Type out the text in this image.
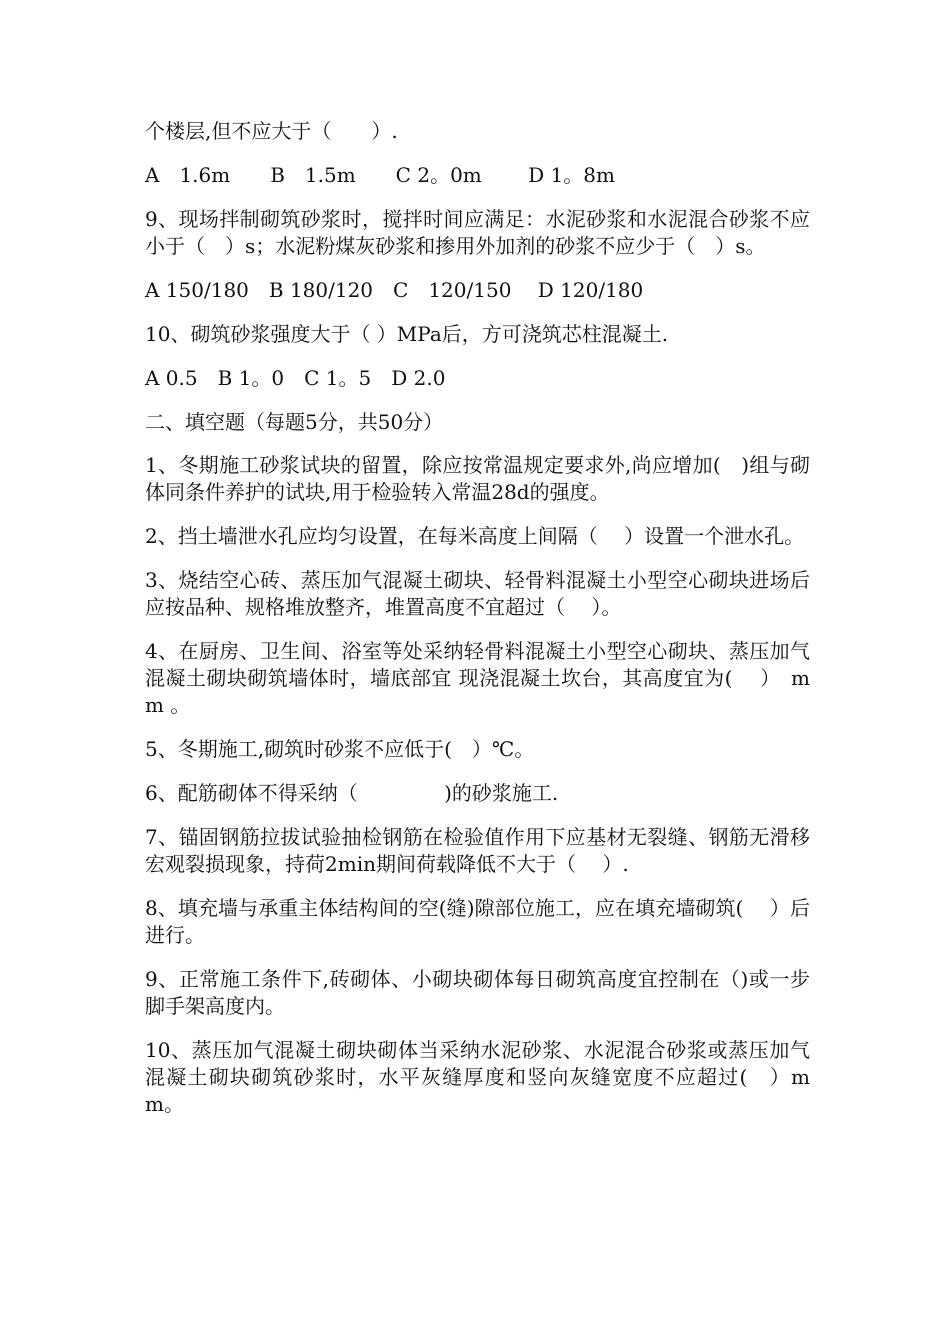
个楼层,但不应大于（　　）.

A　1.6m　　B　1.5m　　C 2。0m　　 D 1。8m

9、现场拌制砌筑砂浆时，搅拌时间应满足：水泥砂浆和水泥混合砂浆不应小于（　）s；水泥粉煤灰砂浆和掺用外加剂的砂浆不应少于（　）s。

A 150/180　B 180/120　C　120/150　 D 120/180

10、砌筑砂浆强度大于（ ）MPa后，方可浇筑芯柱混凝土.

A 0.5　B 1。0　C 1。5　D 2.0

二、填空题（每题5分，共50分）

1、冬期施工砂浆试块的留置，除应按常温规定要求外,尚应增加(　)组与砌体同条件养护的试块,用于检验转入常温28d的强度。

2、挡土墙泄水孔应均匀设置，在每米高度上间隔（　 ）设置一个泄水孔。

3、烧结空心砖、蒸压加气混凝土砌块、轻骨料混凝土小型空心砌块进场后应按品种、规格堆放整齐，堆置高度不宜超过（　 ）。

4、在厨房、卫生间、浴室等处采纳轻骨料混凝土小型空心砌块、蒸压加气混凝土砌块砌筑墙体时，墙底部宜 现浇混凝土坎台，其高度宜为(　 ）　mm 。

5、冬期施工,砌筑时砂浆不应低于(　）℃。

6、配筋砌体不得采纳（　　　　 )的砂浆施工.

7、锚固钢筋拉拔试验抽检钢筋在检验值作用下应基材无裂缝、钢筋无滑移宏观裂损现象，持荷2min期间荷载降低不大于（　 ）.

8、填充墙与承重主体结构间的空(缝)隙部位施工，应在填充墙砌筑(　 ）后进行。

9、正常施工条件下,砖砌体、小砌块砌体每日砌筑高度宜控制在（)或一步脚手架高度内。

10、蒸压加气混凝土砌块砌体当采纳水泥砂浆、水泥混合砂浆或蒸压加气混凝土砌块砌筑砂浆时，水平灰缝厚度和竖向灰缝宽度不应超过(　）mm。
